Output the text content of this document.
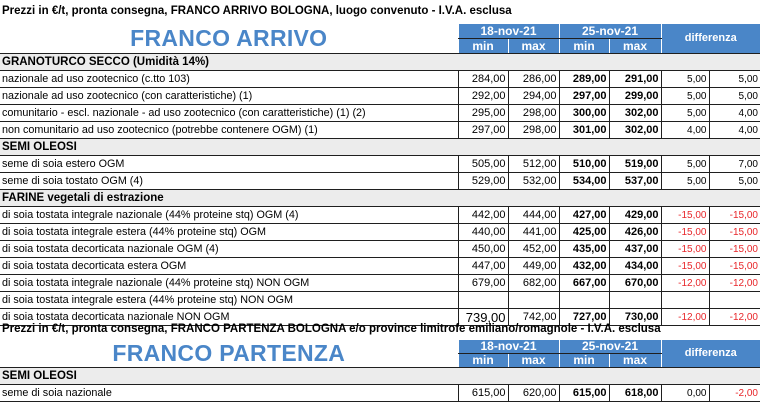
Prezzi in €/t, pronta consegna, FRANCO ARRIVO BOLOGNA, luogo convenuto - I.V.A. esclusa
FRANCO ARRIVO	18-nov-21		25-nov-21		differenza	
	min	max	min	max		
GRANOTURCO SECCO (Umidità 14%)						
nazionale ad uso zootecnico (c.tto 103)	284,00	286,00	289,00	291,00	5,00	5,00
nazionale ad uso zootecnico (con caratteristiche) (1)	292,00	294,00	297,00	299,00	5,00	5,00
comunitario - escl. nazionale - ad uso zootecnico (con caratteristiche) (1) (2)	295,00	298,00	300,00	302,00	5,00	4,00
non comunitario ad uso zootecnico (potrebbe contenere OGM) (1)	297,00	298,00	301,00	302,00	4,00	4,00
SEMI OLEOSI						
seme di soia estero OGM	505,00	512,00	510,00	519,00	5,00	7,00
seme di soia tostato OGM (4)	529,00	532,00	534,00	537,00	5,00	5,00
FARINE vegetali di estrazione						
di soia tostata integrale nazionale (44% proteine stq) OGM (4)	442,00	444,00	427,00	429,00	-15,00	-15,00
di soia tostata integrale estera (44% proteine stq) OGM	440,00	441,00	425,00	426,00	-15,00	-15,00
di soia tostata decorticata nazionale OGM (4)	450,00	452,00	435,00	437,00	-15,00	-15,00
di soia tostata decorticata estera OGM	447,00	449,00	432,00	434,00	-15,00	-15,00
di soia tostata integrale nazionale (44% proteine stq) NON OGM	679,00	682,00	667,00	670,00	-12,00	-12,00
di soia tostata integrale estera (44% proteine stq) NON OGM						
di soia tostata decorticata nazionale NON OGM	739,00	742,00	727,00	730,00	-12,00	-12,00
Prezzi in €/t, pronta consegna, FRANCO PARTENZA BOLOGNA e/o province limitrofe emiliano/romagnole - I.V.A. esclusa
FRANCO PARTENZA	18-nov-21		25-nov-21		differenza	
	min	max	min	max		
SEMI OLEOSI						
seme di soia nazionale	615,00	620,00	615,00	618,00	0,00	-2,00
